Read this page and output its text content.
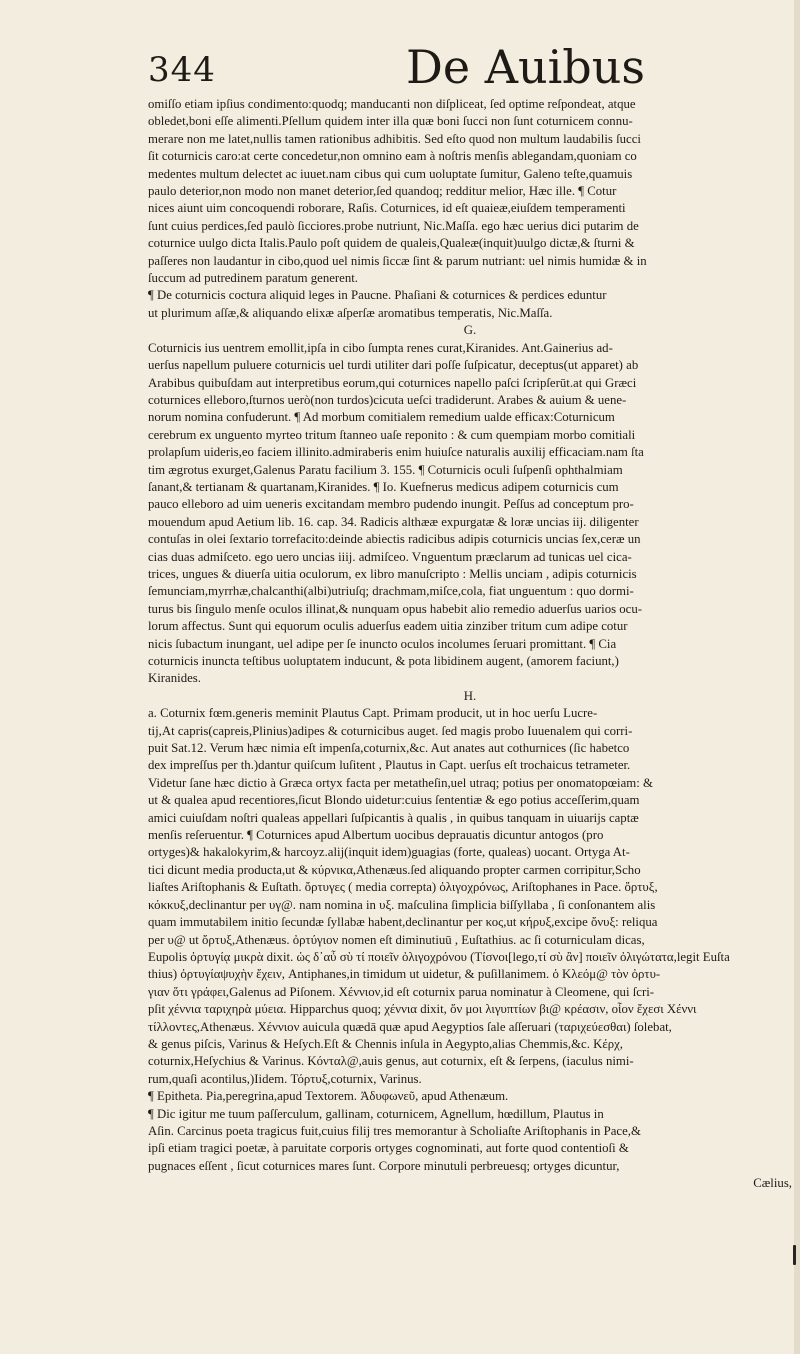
344	De Auibus
omiſſo etiam ipſius condimento:quodq; manducanti non diſpliceat, ſed optime reſpondeat, atque
obledet,boni eſſe alimenti.Pſellum quidem inter illa quæ boni ſucci non ſunt coturnicem connu-
merare non me latet,nullis tamen rationibus adhibitis. Sed eſto quod non multum laudabilis ſucci
ſit coturnicis caro:at certe concedetur,non omnino eam à noſtris menſis ablegandam,quoniam co
medentes multum delectet ac iuuet.nam cibus qui cum uoluptate ſumitur, Galeno teſte,quamuis
paulo deterior,non modo non manet deterior,ſed quandoq; redditur melior, Hæc ille. ¶ Cotur
nices aiunt uim concoquendi roborare, Raſis. Coturnices, id eſt quaieæ,eiuſdem temperamenti
ſunt cuius perdices,ſed paulò ſicciores.probe nutriunt, Nic.Maſſa. ego hæc uerius dici putarim de
coturnice uulgo dicta Italis.Paulo poſt quidem de qualeis,Qualeæ(inquit)uulgo dictæ,& ſturni &
paſſeres non laudantur in cibo,quod uel nimis ſiccæ ſint & parum nutriant: uel nimis humidæ & in
ſuccum ad putredinem paratum generent.
¶ De coturnicis coctura aliquid leges in Paucne. Phaſiani & coturnices & perdices eduntur
ut plurimum aſſæ,& aliquando elixæ aſperſæ aromatibus temperatis, Nic.Maſſa.
G.
Coturnicis ius uentrem emollit,ipſa in cibo ſumpta renes curat,Kiranides. Ant.Gainerius ad-
uerſus napellum puluere coturnicis uel turdi utiliter dari poſſe ſuſpicatur, deceptus(ut apparet) ab
Arabibus quibuſdam aut interpretibus eorum,qui coturnices napello paſci ſcripſerūt.at qui Græci
coturnices elleboro,ſturnos uerò(non turdos)cicuta ueſci tradiderunt. Arabes & auium & uene-
norum nomina confuderunt. ¶ Ad morbum comitialem remedium ualde efficax:Coturnicum
cerebrum ex unguento myrteo tritum ſtanneo uaſe reponito : & cum quempiam morbo comitiali
prolapſum uideris,eo faciem illinito.admiraberis enim huiuſce naturalis auxilij efficaciam.nam ſta
tim ægrotus exurget,Galenus Paratu facilium 3. 155. ¶ Coturnicis oculi ſuſpenſi ophthalmiam
ſanant,& tertianam & quartanam,Kiranides. ¶ Io. Kuefnerus medicus adipem coturnicis cum
pauco elleboro ad uim ueneris excitandam membro pudendo inungit. Peſſus ad conceptum pro-
mouendum apud Aetium lib. 16. cap. 34. Radicis althææ expurgatæ & loræ uncias iij. diligenter
contuſas in olei ſextario torrefacito:deinde abiectis radicibus adipis coturnicis uncias ſex,ceræ un
cias duas admiſceto. ego uero uncias iiij. admiſceo. Vnguentum præclarum ad tunicas uel cica-
trices, ungues & diuerſa uitia oculorum, ex libro manuſcripto : Mellis unciam , adipis coturnicis
ſemunciam,myrrhæ,chalcanthi(albi)utriuſq; drachmam,miſce,cola, fiat unguentum : quo dormi-
turus bis ſingulo menſe oculos illinat,& nunquam opus habebit alio remedio aduerſus uarios ocu-
lorum affectus. Sunt qui equorum oculis aduerſus eadem uitia zinziber tritum cum adipe cotur
nicis ſubactum inungant, uel adipe per ſe inuncto oculos incolumes ſeruari promittant. ¶ Cia
coturnicis inuncta teſtibus uoluptatem inducunt, & pota libidinem augent, (amorem faciunt,)
Kiranides.
H.
a. Coturnix fœm.generis meminit Plautus Capt. Primam producit, ut in hoc uerſu Lucre-
tij,At capris(capreis,Plinius)adipes & coturnicibus auget. ſed magis probo Iuuenalem qui corri-
puit Sat.12. Verum hæc nimia eſt impenſa,coturnix,&c. Aut anates aut cothurnices (ſic habetco
dex impreſſus per th.)dantur quiſcum luſitent , Plautus in Capt. uerſus eſt trochaicus tetrameter.
Videtur ſane hæc dictio à Græca ortyx facta per metatheſin,uel utraq; potius per onomatopœiam: &
ut & qualea apud recentiores,ſicut Blondo uidetur:cuius ſententiæ & ego potius acceſſerim,quam
amici cuiuſdam noſtri qualeas appellari ſuſpicantis à qualis , in quibus tanquam in uiuarijs captæ
menſis reſeruentur. ¶ Coturnices apud Albertum uocibus deprauatis dicuntur antogos (pro
ortyges)& hakalokyrim,& harcoyz.alij(inquit idem)guagias (forte, qualeas) uocant. Ortyga At-
tici dicunt media producta,ut & κύρνικα,Athenæus.ſed aliquando propter carmen corripitur,Scho
liaſtes Ariſtophanis & Euſtath. ὄρτυγες ( media correpta) ὀλιγοχρόνως, Ariſtophanes in Pace. ὄρτυξ,
κόκκυξ,declinantur per υγ@. nam nomina in υξ. maſculina ſimplicia biſſyllaba , ſi conſonantem alis
quam immutabilem initio ſecundæ ſyllabæ habent,declinantur per κος,ut κήρυξ,excipe ὄνυξ: reliqua
per υ@ ut ὄρτυξ,Athenæus. ὀρτύγιον nomen eſt diminutiuū , Euſtathius. ac ſi coturniculam dicas,
Eupolis ὀρτυγίᾳ μικρὰ dixit. ὡς δ᾽αὖ σὺ τί ποιεῖν ὀλιγοχρόνου (Τίσνοι[lego,τί σὺ ἂν] ποιεῖν ὀλιγώτατα,legit Euſta
thius) ὀρτυγίαψυχὴν ἔχειν, Antiphanes,in timidum ut uidetur, & puſillanimem. ὁ Κλεόμ@ τὸν ὀρτυ-
γιαν ὅτι γράφει,Galenus ad Piſonem. Χέννιον,id eſt coturnix parua nominatur à Cleomene, qui ſcri-
pſit χέννια ταριχηρὰ μύεια. Hipparchus quoq; χέννια dixit, ὅν μοι λιγυπτίων βι@ κρέασιν, οἷον ἔχεσι Χέννι
τίλλοντες,Athenæus. Χέννιον auicula quædā quæ apud Aegyptios ſale aſſeruari (ταριχεύεσθαι) ſolebat,
& genus piſcis, Varinus & Heſych.Eſt & Chennis inſula in Aegypto,alias Chemmis,&c. Κέρχ,
coturnix,Heſychius & Varinus. Κόνταλ@,auis genus, aut coturnix, eſt & ſerpens, (iaculus nimi-
rum,quaſi acontilus,)Iidem. Τόρτυξ,coturnix, Varinus.
¶ Epitheta. Pia,peregrina,apud Textorem. Ἀδυφωνεῦ, apud Athenæum.
¶ Dic igitur me tuum paſſerculum, gallinam, coturnicem, Agnellum, hœdillum, Plautus in
Aſin. Carcinus poeta tragicus fuit,cuius filij tres memorantur à Scholiaſte Ariſtophanis in Pace,&
ipſi etiam tragici poetæ, à paruitate corporis ortyges cognominati, aut forte quod contentioſi &
pugnaces eſſent , ſicut coturnices mares ſunt. Corpore minutuli perbreuesq; ortyges dicuntur,
Cælius,
